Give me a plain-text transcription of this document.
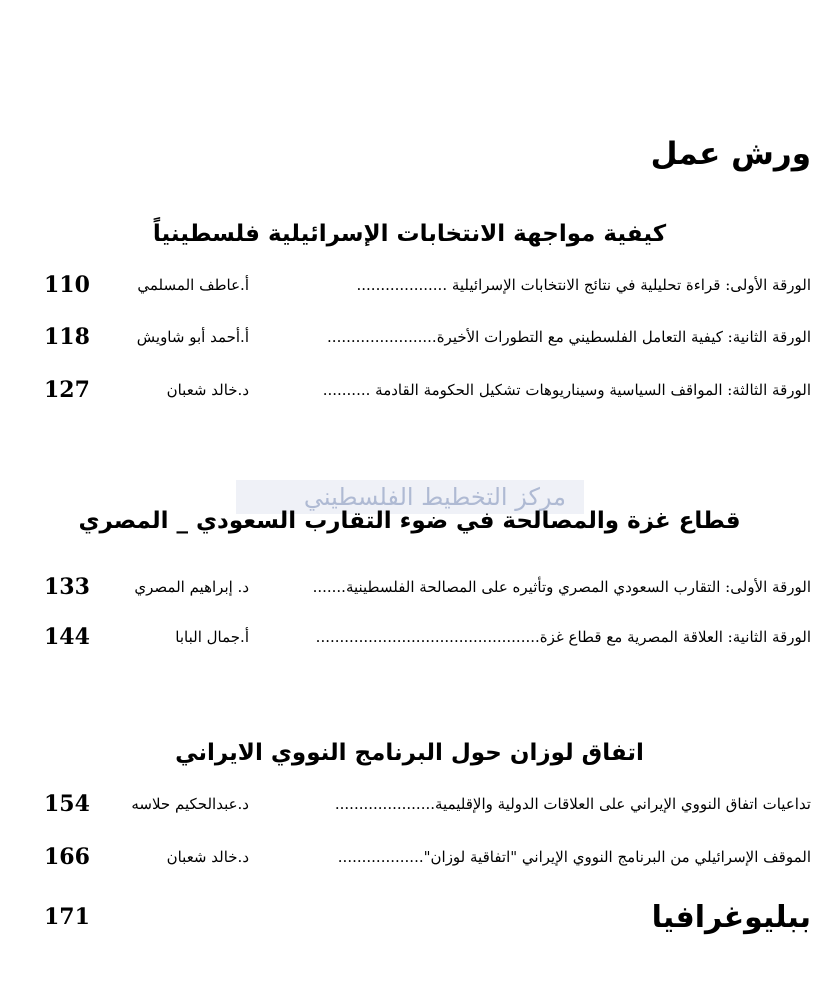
ورش عمل
كيفية مواجهة الانتخابات الإسرائيلية فلسطينياً
الورقة الأولى: قراءة تحليلية في نتائج الانتخابات الإسرائيلية ...................
أ.عاطف المسلمي
110
الورقة الثانية: كيفية التعامل الفلسطيني مع التطورات الأخيرة.......................
أ.أحمد أبو شاويش
118
الورقة الثالثة: المواقف السياسية وسيناريوهات تشكيل الحكومة القادمة ..........
د.خالد شعبان
127
مركز التخطيط الفلسطيني
قطاع غزة والمصالحة في ضوء التقارب السعودي _ المصري
الورقة الأولى: التقارب السعودي المصري وتأثيره على المصالحة الفلسطينية.......
د. إبراهيم المصري
133
الورقة الثانية: العلاقة المصرية مع قطاع غزة...............................................
أ.جمال البابا
144
اتفاق لوزان حول البرنامج النووي الايراني
تداعيات اتفاق النووي الإيراني على العلاقات الدولية والإقليمية.....................
د.عبدالحكيم حلاسه
154
الموقف الإسرائيلي من البرنامج النووي الإيراني "اتفاقية لوزان"..................
د.خالد شعبان
166
ببليوغرافيا
171
